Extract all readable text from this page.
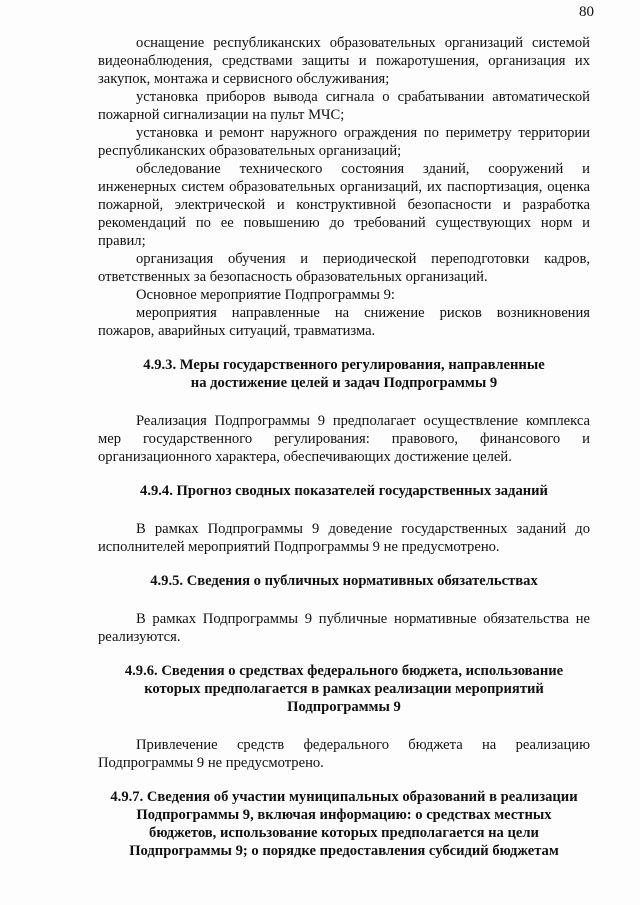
80

оснащение республиканских образовательных организаций системой видеонаблюдения, средствами защиты и пожаротушения, организация их закупок, монтажа и сервисного обслуживания;

установка приборов вывода сигнала о срабатывании автоматической пожарной сигнализации на пульт МЧС;

установка и ремонт наружного ограждения по периметру территории республиканских образовательных организаций;

обследование технического состояния зданий, сооружений и инженерных систем образовательных организаций, их паспортизация, оценка пожарной, электрической и конструктивной безопасности и разработка рекомендаций по ее повышению до требований существующих норм и правил;

организация обучения и периодической переподготовки кадров, ответственных за безопасность образовательных организаций.

Основное мероприятие Подпрограммы 9:

мероприятия направленные на снижение рисков возникновения пожаров, аварийных ситуаций, травматизма.

4.9.3. Меры государственного регулирования, направленные
на достижение целей и задач Подпрограммы 9

Реализация Подпрограммы 9 предполагает осуществление комплекса мер государственного регулирования: правового, финансового и организационного характера, обеспечивающих достижение целей.

4.9.4. Прогноз сводных показателей государственных заданий

В рамках Подпрограммы 9 доведение государственных заданий до исполнителей мероприятий Подпрограммы 9 не предусмотрено.

4.9.5. Сведения о публичных нормативных обязательствах

В рамках Подпрограммы 9 публичные нормативные обязательства не реализуются.

4.9.6. Сведения о средствах федерального бюджета, использование
которых предполагается в рамках реализации мероприятий
Подпрограммы 9

Привлечение средств федерального бюджета на реализацию Подпрограммы 9 не предусмотрено.

4.9.7. Сведения об участии муниципальных образований в реализации
Подпрограммы 9, включая информацию: о средствах местных
бюджетов, использование которых предполагается на цели
Подпрограммы 9; о порядке предоставления субсидий бюджетам
